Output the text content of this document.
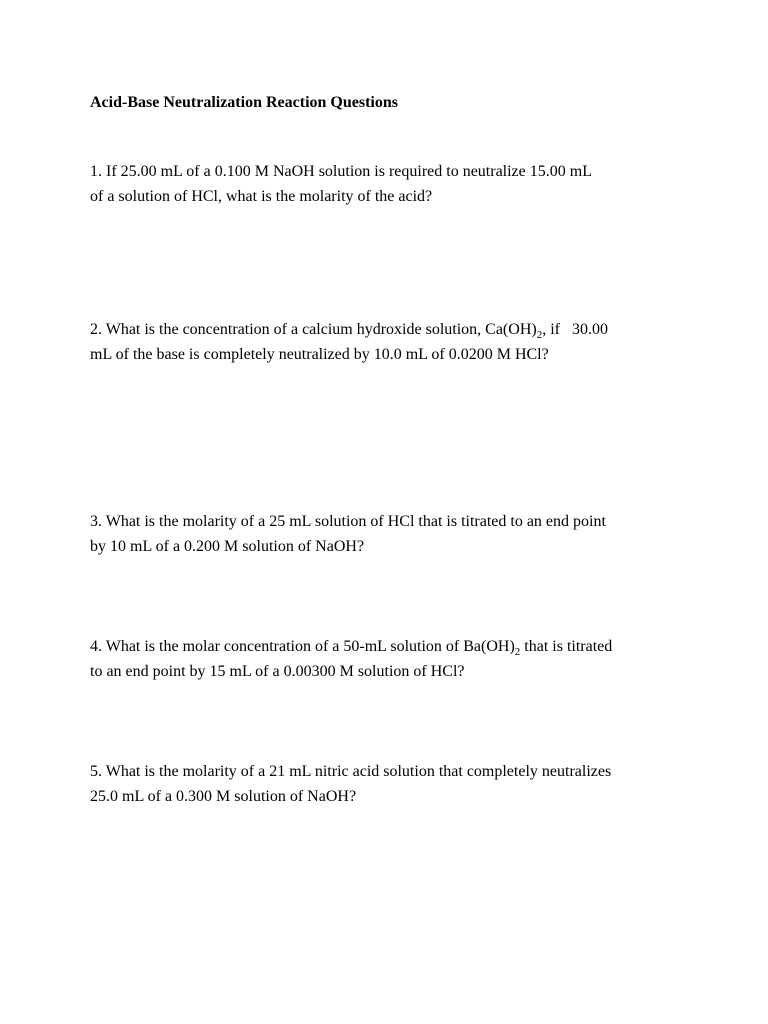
Acid-Base Neutralization Reaction Questions
1. If 25.00 mL of a 0.100 M NaOH solution is required to neutralize 15.00 mL
of a solution of HCl, what is the molarity of the acid?
2. What is the concentration of a calcium hydroxide solution, $Ca(OH)_2$, if   30.00
mL of the base is completely neutralized by 10.0 mL of 0.0200 M HCl?
3. What is the molarity of a 25 mL solution of HCl that is titrated to an end point
by 10 mL of a 0.200 M solution of NaOH?
4. What is the molar concentration of a 50-mL solution of $Ba(OH)_2$ that is titrated
to an end point by 15 mL of a 0.00300 M solution of HCl?
5. What is the molarity of a 21 mL nitric acid solution that completely neutralizes
25.0 mL of a 0.300 M solution of NaOH?
